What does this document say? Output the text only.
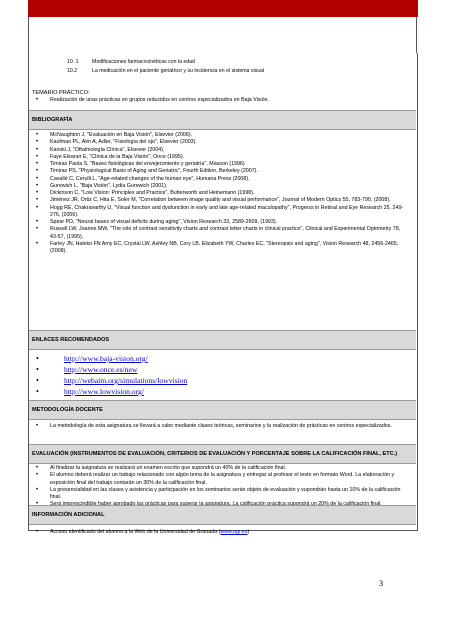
10. 1	Modificaciones farmacocinéticas con la edad
10.2	La medicación en el paciente geriátrico y su incidencia en el sistema visual
TEMARIO PRÁCTICO:
• Realización de unas prácticas en grupos reducidos en centros especializados en Baja Visión.
BIBLIOGRAFÍA
• McNaughton J, "Evaluación en Baja Visión", Elsevier (2006).
• Kaufman PL, Alm A, Adler, "Fisiología del ojo", Elsevier (2003).
• Kanski J, "Oftalmología Clínica", Elsevier (2004).
• Faye Eleanor E, "Clínica de la Baja Visión", Once (1995).
• Timiras Paola S, "Bases fisiológicas del envejecimiento y geriatría", Masson (1996)
• Timiras PS, "Physiological Basis of Aging and Geriatric", Fourth Edition, Berkeley (2007).
• Cavallé C, Cerulli L, "Age-related changes of the human eye", Humana Press (2008).
• Gurewich L, "Baja Visión", Lydia Gurewich (2001).
• Dickinson C, "Low Vision: Principles and Practice", Butterworth and Heinemann (1998).
• Jiménez JR, Ortiz C, Hita E, Soler M, "Correlation between image quality and visual performance", Journal of Modern Optics 55, 783-790, (2008).
• Hogg RE, Chakravarthy U, "Visual function and dysfunction in early and late age-related maculopathy", Progress in Retinal and Eye Research 25, 249-276, (2006).
• Spear PD, "Neural bases of visual deficits during aging", Vision Research 33, 2589-2609, (1993).
• Russell LW, Joanne MW, "The role of contrast sensitivity charts and contrast letter charts in clinical practice", Clinical and Experimental Optometry 78, 43-57, (1995).
• Farley JN, Haleko FN Amy EC, Crystal LW, Ashley NB, Cory LB, Elizabeth YW, Charles EC, "Stereopsis and aging", Vision Research 48, 2456-2465, (2008).
ENLACES RECOMENDADOS
• http://www.baja-vision.org/
• http://www.once.es/new
• http://webaim.org/simulations/lowvision
• http://www.lowvision.org/
METODOLOGÍA DOCENTE
• La metodología de esta asignatura se llevará a cabo mediante clases teóricas, seminarios y la realización de prácticas en centros especializados.
EVALUACIÓN (INSTRUMENTOS DE EVALUACIÓN, CRITERIOS DE EVALUACIÓN Y PORCENTAJE SOBRE LA CALIFICACIÓN FINAL, ETC.)
• Al finalizar la asignatura se realizará un examen escrito que supondrá un 40% de la calificación final.
• El alumno deberá realizar un trabajo relacionado con algún tema de la asignatura y entregar al profesor el texto en formato Word. La elaboración y exposición final del trabajo contarán un 30% de la calificación final.
• La presencialidad en las clases y asistencia y participación en los seminarios serán objeto de evaluación y supondrán hasta un 10% de la calificación final.
•
INFORMACIÓN ADICIONAL
• Acceso identificado del alumno a la Web de la Universidad de Granada (www.ugr.es)
3
